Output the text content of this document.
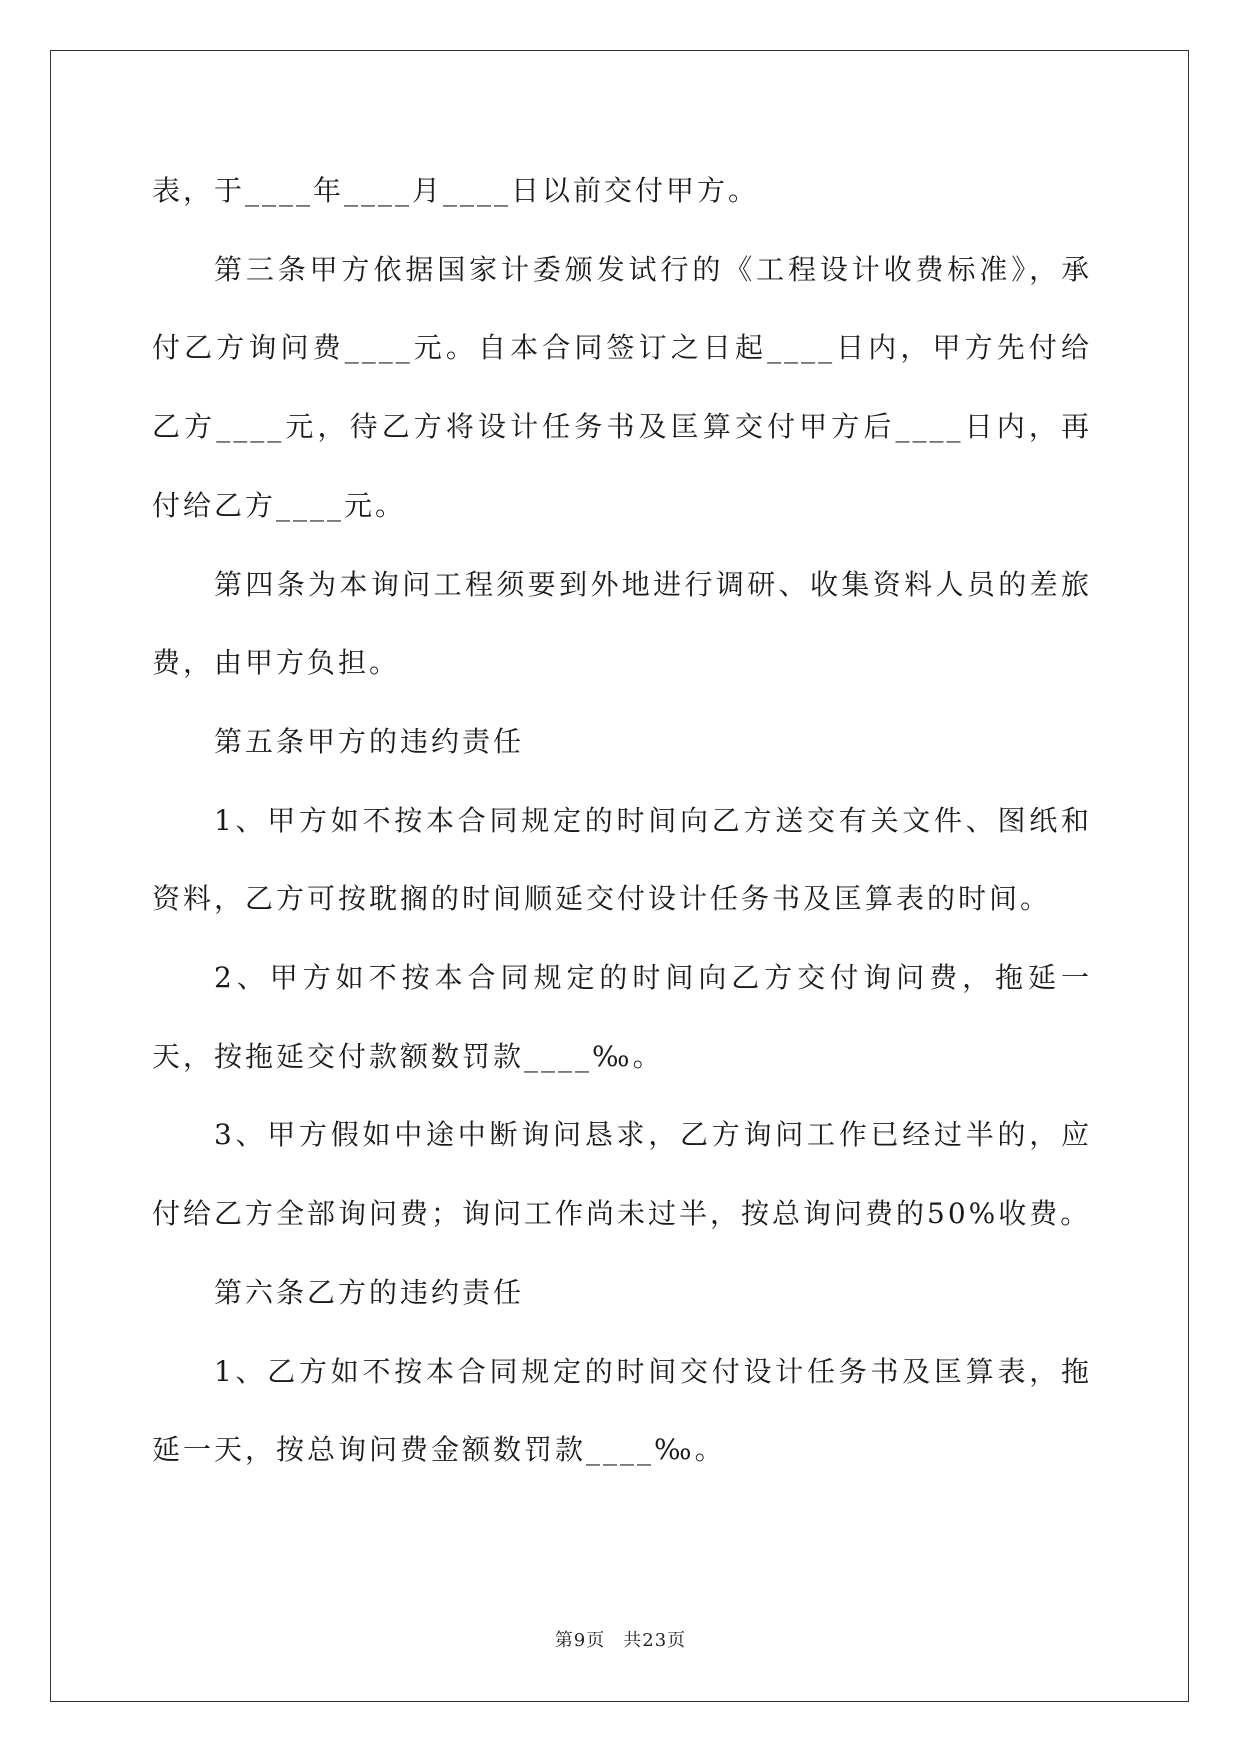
表，于____年____月____日以前交付甲方。

第三条甲方依据国家计委颁发试行的《工程设计收费标准》，承付乙方询问费____元。自本合同签订之日起____日内，甲方先付给乙方____元，待乙方将设计任务书及匡算交付甲方后____日内，再付给乙方____元。

第四条为本询问工程须要到外地进行调研、收集资料人员的差旅费，由甲方负担。

第五条甲方的违约责任

1、甲方如不按本合同规定的时间向乙方送交有关文件、图纸和资料，乙方可按耽搁的时间顺延交付设计任务书及匡算表的时间。

2、甲方如不按本合同规定的时间向乙方交付询问费，拖延一天，按拖延交付款额数罚款____‰。

3、甲方假如中途中断询问恳求，乙方询问工作已经过半的，应付给乙方全部询问费；询问工作尚未过半，按总询问费的50%收费。

第六条乙方的违约责任

1、乙方如不按本合同规定的时间交付设计任务书及匡算表，拖延一天，按总询问费金额数罚款____‰。

第9页 共23页
